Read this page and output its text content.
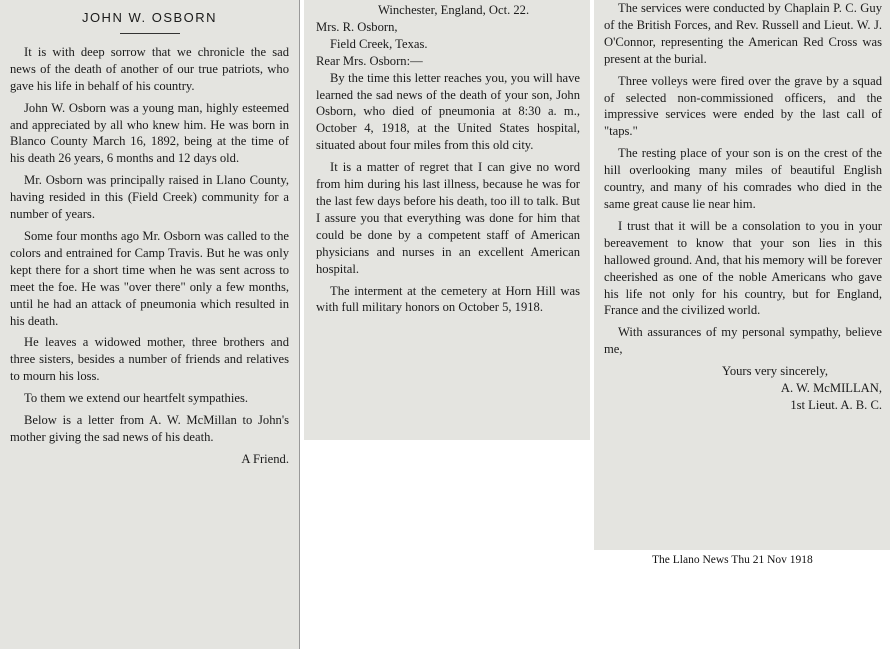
JOHN W. OSBORN

It is with deep sorrow that we chronicle the sad news of the death of another of our true patriots, who gave his life in behalf of his country.

John W. Osborn was a young man, highly esteemed and appreciated by all who knew him. He was born in Blanco County March 16, 1892, being at the time of his death 26 years, 6 months and 12 days old.

Mr. Osborn was principally raised in Llano County, having resided in this (Field Creek) community for a number of years.

Some four months ago Mr. Osborn was called to the colors and entrained for Camp Travis. But he was only kept there for a short time when he was sent across to meet the foe. He was "over there" only a few months, until he had an attack of pneumonia which resulted in his death.

He leaves a widowed mother, three brothers and three sisters, besides a number of friends and relatives to mourn his loss.

To them we extend our heartfelt sympathies.

Below is a letter from A. W. McMillan to John's mother giving the sad news of his death.

A Friend.

Winchester, England, Oct. 22.

Mrs. R. Osborn,

Field Creek, Texas.

Rear Mrs. Osborn:—

By the time this letter reaches you, you will have learned the sad news of the death of your son, John Osborn, who died of pneumonia at 8:30 a. m., October 4, 1918, at the United States hospital, situated about four miles from this old city.

It is a matter of regret that I can give no word from him during his last illness, because he was for the last few days before his death, too ill to talk. But I assure you that everything was done for him that could be done by a competent staff of American physicians and nurses in an excellent American hospital.

The interment at the cemetery at Horn Hill was with full military honors on October 5, 1918.

The services were conducted by Chaplain P. C. Guy of the British Forces, and Rev. Russell and Lieut. W. J. O'Connor, representing the American Red Cross was present at the burial.

Three volleys were fired over the grave by a squad of selected non-commissioned officers, and the impressive services were ended by the last call of "taps."

The resting place of your son is on the crest of the hill overlooking many miles of beautiful English country, and many of his comrades who died in the same great cause lie near him.

I trust that it will be a consolation to you in your bereavement to know that your son lies in this hallowed ground. And, that his memory will be forever cheerished as one of the noble Americans who gave his life not only for his country, but for England, France and the civilized world.

With assurances of my personal sympathy, believe me,

Yours very sincerely,

A. W. McMILLAN,

1st Lieut. A. B. C.

The Llano News Thu 21 Nov 1918
